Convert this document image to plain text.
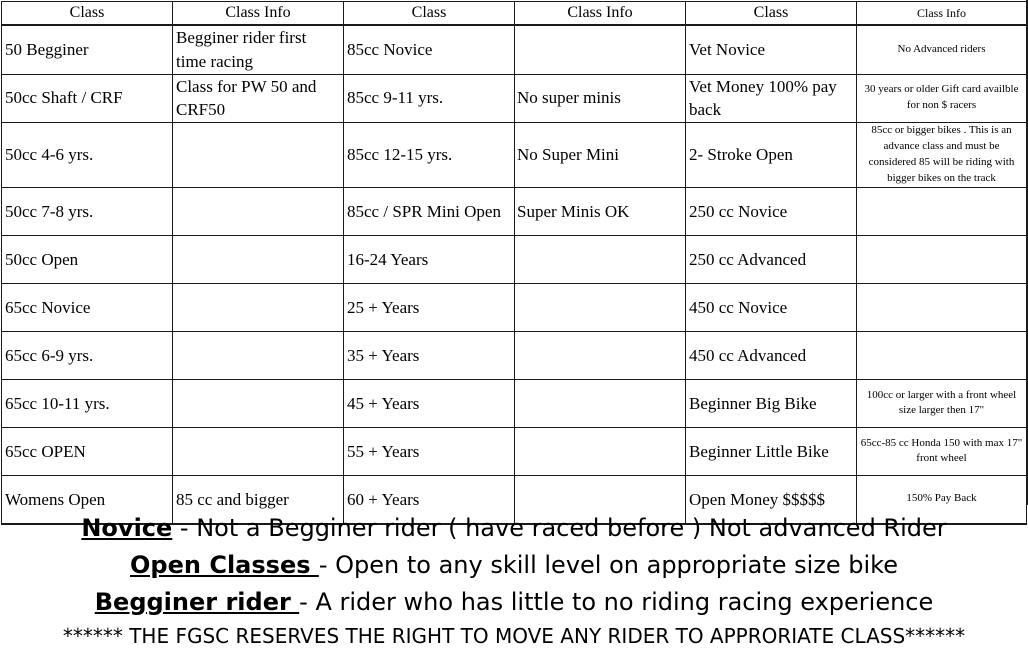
Class	Class Info	Class	Class Info	Class	Class Info
50 Begginer	Begginer rider first time racing	85cc Novice		Vet Novice	No Advanced riders
50cc Shaft / CRF	Class for PW 50 and CRF50	85cc 9-11 yrs.	No super minis	Vet Money 100% pay back	30 years or older Gift card availble for non $ racers
50cc 4-6 yrs.		85cc 12-15 yrs.	No Super Mini	2- Stroke Open	85cc or bigger bikes . This is an advance class and must be considered 85 will be riding with bigger bikes on the track
50cc 7-8 yrs.		85cc / SPR Mini Open	Super Minis OK	250 cc Novice	
50cc Open		16-24 Years		250 cc Advanced	
65cc Novice		25 + Years		450 cc Novice	
65cc 6-9 yrs.		35 + Years		450 cc Advanced	
65cc 10-11 yrs.		45 + Years		Beginner Big Bike	100cc or larger with a front wheel size larger then 17"
65cc OPEN		55 + Years		Beginner Little Bike	65cc-85 cc Honda 150 with max 17" front wheel
Womens Open	85 cc and bigger	60 + Years		Open Money $$$$$	150% Pay Back
Novice - Not a Begginer rider ( have raced before ) Not advanced Rider
Open Classes - Open to any skill level on appropriate size bike
Begginer rider - A rider who has little to no riding racing experience
****** THE FGSC RESERVES THE RIGHT TO MOVE ANY RIDER TO APPRORIATE CLASS******
